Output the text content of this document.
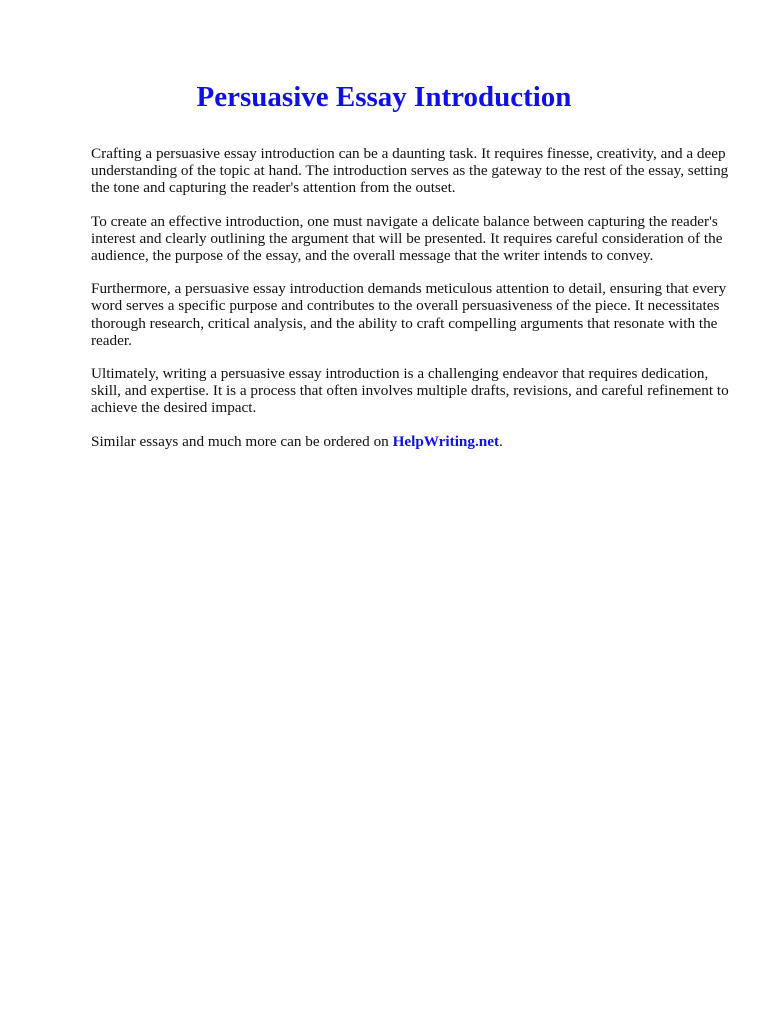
Persuasive Essay Introduction

Crafting a persuasive essay introduction can be a daunting task. It requires finesse, creativity, and a deep understanding of the topic at hand. The introduction serves as the gateway to the rest of the essay, setting the tone and capturing the reader's attention from the outset.

To create an effective introduction, one must navigate a delicate balance between capturing the reader's interest and clearly outlining the argument that will be presented. It requires careful consideration of the audience, the purpose of the essay, and the overall message that the writer intends to convey.

Furthermore, a persuasive essay introduction demands meticulous attention to detail, ensuring that every word serves a specific purpose and contributes to the overall persuasiveness of the piece. It necessitates thorough research, critical analysis, and the ability to craft compelling arguments that resonate with the reader.

Ultimately, writing a persuasive essay introduction is a challenging endeavor that requires dedication, skill, and expertise. It is a process that often involves multiple drafts, revisions, and careful refinement to achieve the desired impact.

Similar essays and much more can be ordered on HelpWriting.net.
